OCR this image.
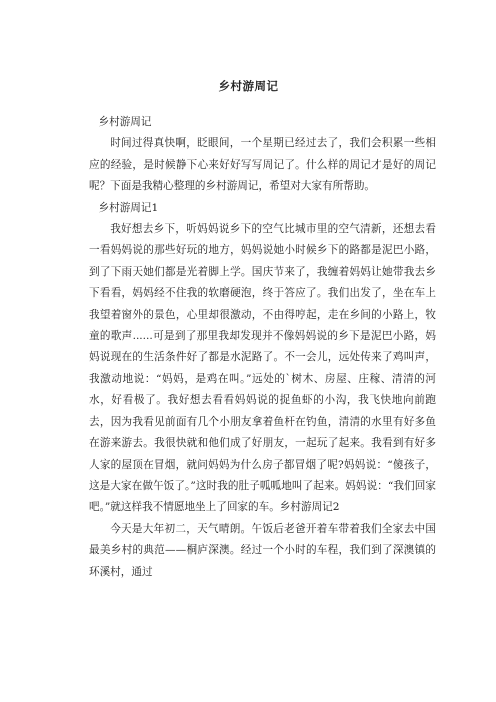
乡村游周记

乡村游周记

时间过得真快啊，眨眼间，一个星期已经过去了，我们会积累一些相应的经验，是时候静下心来好好写写周记了。什么样的周记才是好的周记呢？下面是我精心整理的乡村游周记，希望对大家有所帮助。

乡村游周记1

我好想去乡下，听妈妈说乡下的空气比城市里的空气清新，还想去看一看妈妈说的那些好玩的地方，妈妈说她小时候乡下的路都是泥巴小路，到了下雨天她们都是光着脚上学。国庆节来了，我缠着妈妈让她带我去乡下看看，妈妈经不住我的软磨硬泡，终于答应了。我们出发了，坐在车上我望着窗外的景色，心里却很激动，不由得哼起，走在乡间的小路上，牧童的歌声......可是到了那里我却发现并不像妈妈说的乡下是泥巴小路，妈妈说现在的生活条件好了都是水泥路了。不一会儿，远处传来了鸡叫声，我激动地说：“妈妈，是鸡在叫。”远处的`树木、房屋、庄稼、清清的河水，好看极了。我好想去看看妈妈说的捉鱼虾的小沟，我飞快地向前跑去，因为我看见前面有几个小朋友拿着鱼杆在钓鱼，清清的水里有好多鱼在游来游去。我很快就和他们成了好朋友，一起玩了起来。我看到有好多人家的屋顶在冒烟，就问妈妈为什么房子都冒烟了呢?妈妈说：“傻孩子，这是大家在做午饭了。”这时我的肚子呱呱地叫了起来。妈妈说：“我们回家吧。”就这样我不情愿地坐上了回家的车。乡村游周记2

今天是大年初二，天气晴朗。午饭后老爸开着车带着我们全家去中国最美乡村的典范——桐庐深澳。经过一个小时的车程，我们到了深澳镇的环溪村，通过
